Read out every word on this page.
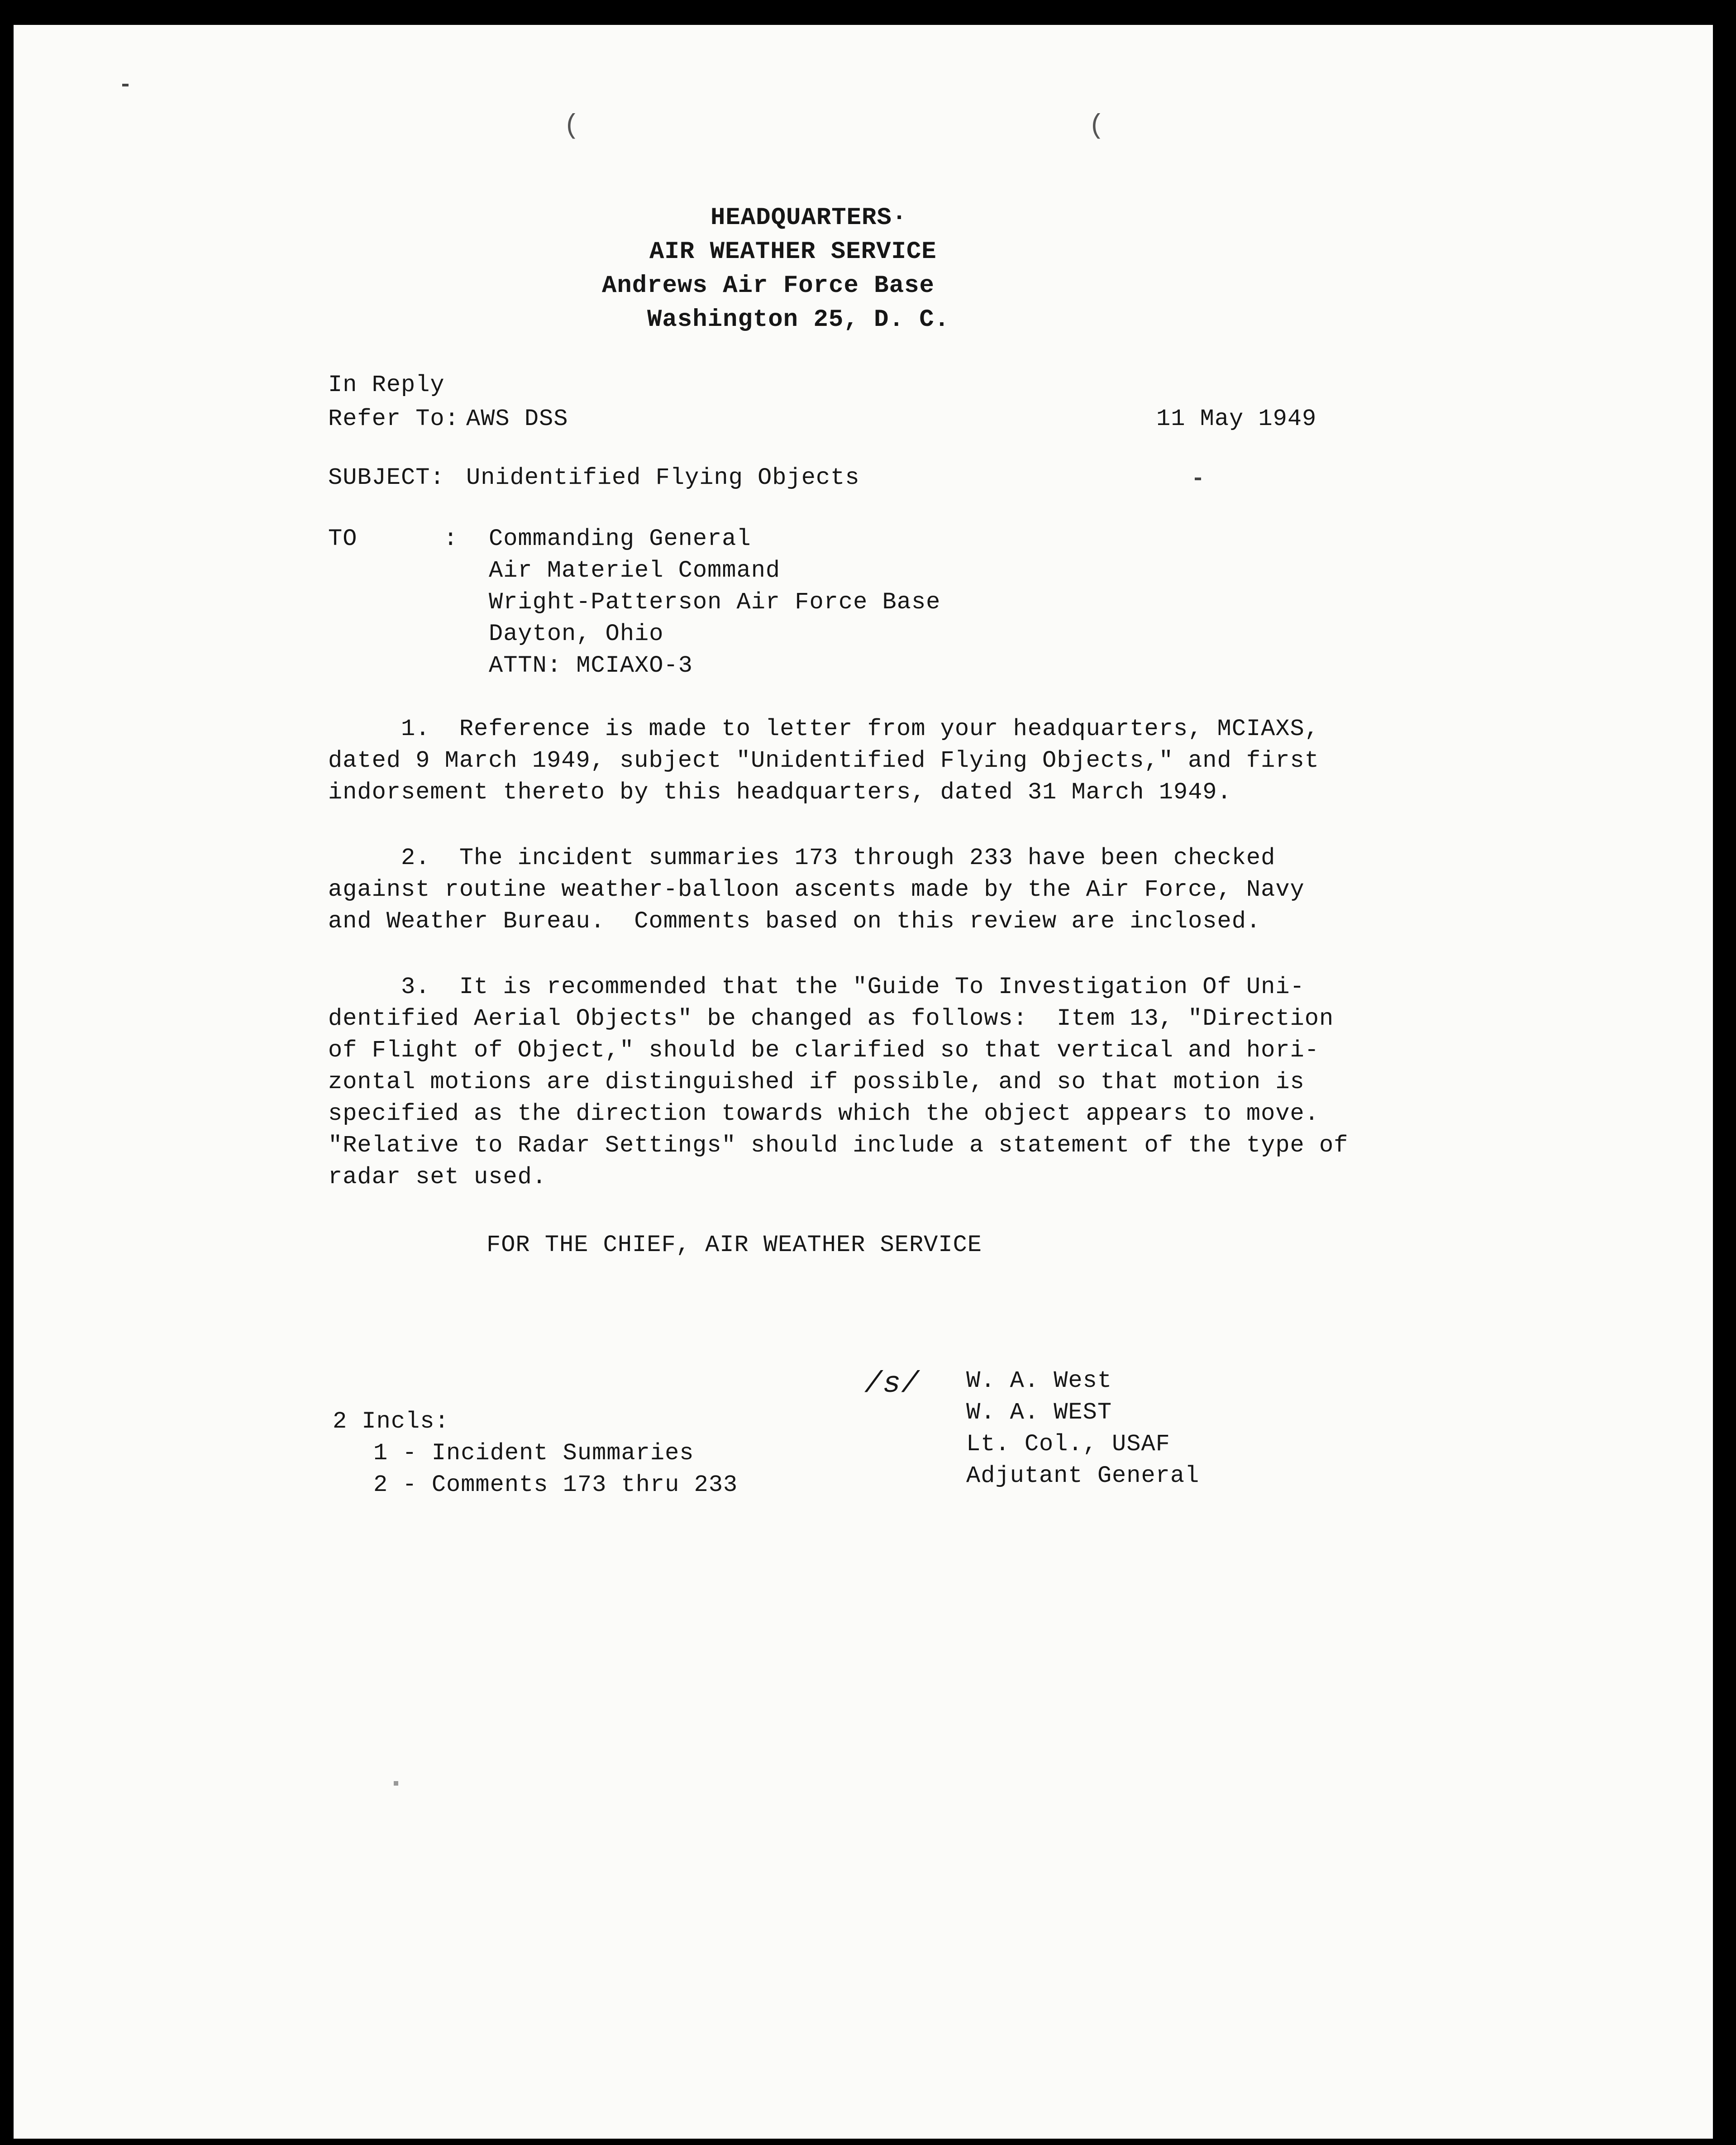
(	(
HEADQUARTERS·
AIR WEATHER SERVICE
Andrews Air Force Base
Washington 25, D. C.
In Reply
Refer To: AWS DSS	11 May 1949
SUBJECT: Unidentified Flying Objects
TO	: Commanding General
Air Materiel Command
Wright-Patterson Air Force Base
Dayton, Ohio
ATTN: MCIAXO-3
1.  Reference is made to letter from your headquarters, MCIAXS,
dated 9 March 1949, subject "Unidentified Flying Objects," and first
indorsement thereto by this headquarters, dated 31 March 1949.
2.  The incident summaries 173 through 233 have been checked
against routine weather-balloon ascents made by the Air Force, Navy
and Weather Bureau.  Comments based on this review are inclosed.
3.  It is recommended that the "Guide To Investigation Of Uni-
dentified Aerial Objects" be changed as follows:  Item 13, "Direction
of Flight of Object," should be clarified so that vertical and hori-
zontal motions are distinguished if possible, and so that motion is
specified as the direction towards which the object appears to move.
"Relative to Radar Settings" should include a statement of the type of
radar set used.
FOR THE CHIEF, AIR WEATHER SERVICE
/s/ W. A. West
W. A. WEST
Lt. Col., USAF
Adjutant General
2 Incls:
1 - Incident Summaries
2 - Comments 173 thru 233
